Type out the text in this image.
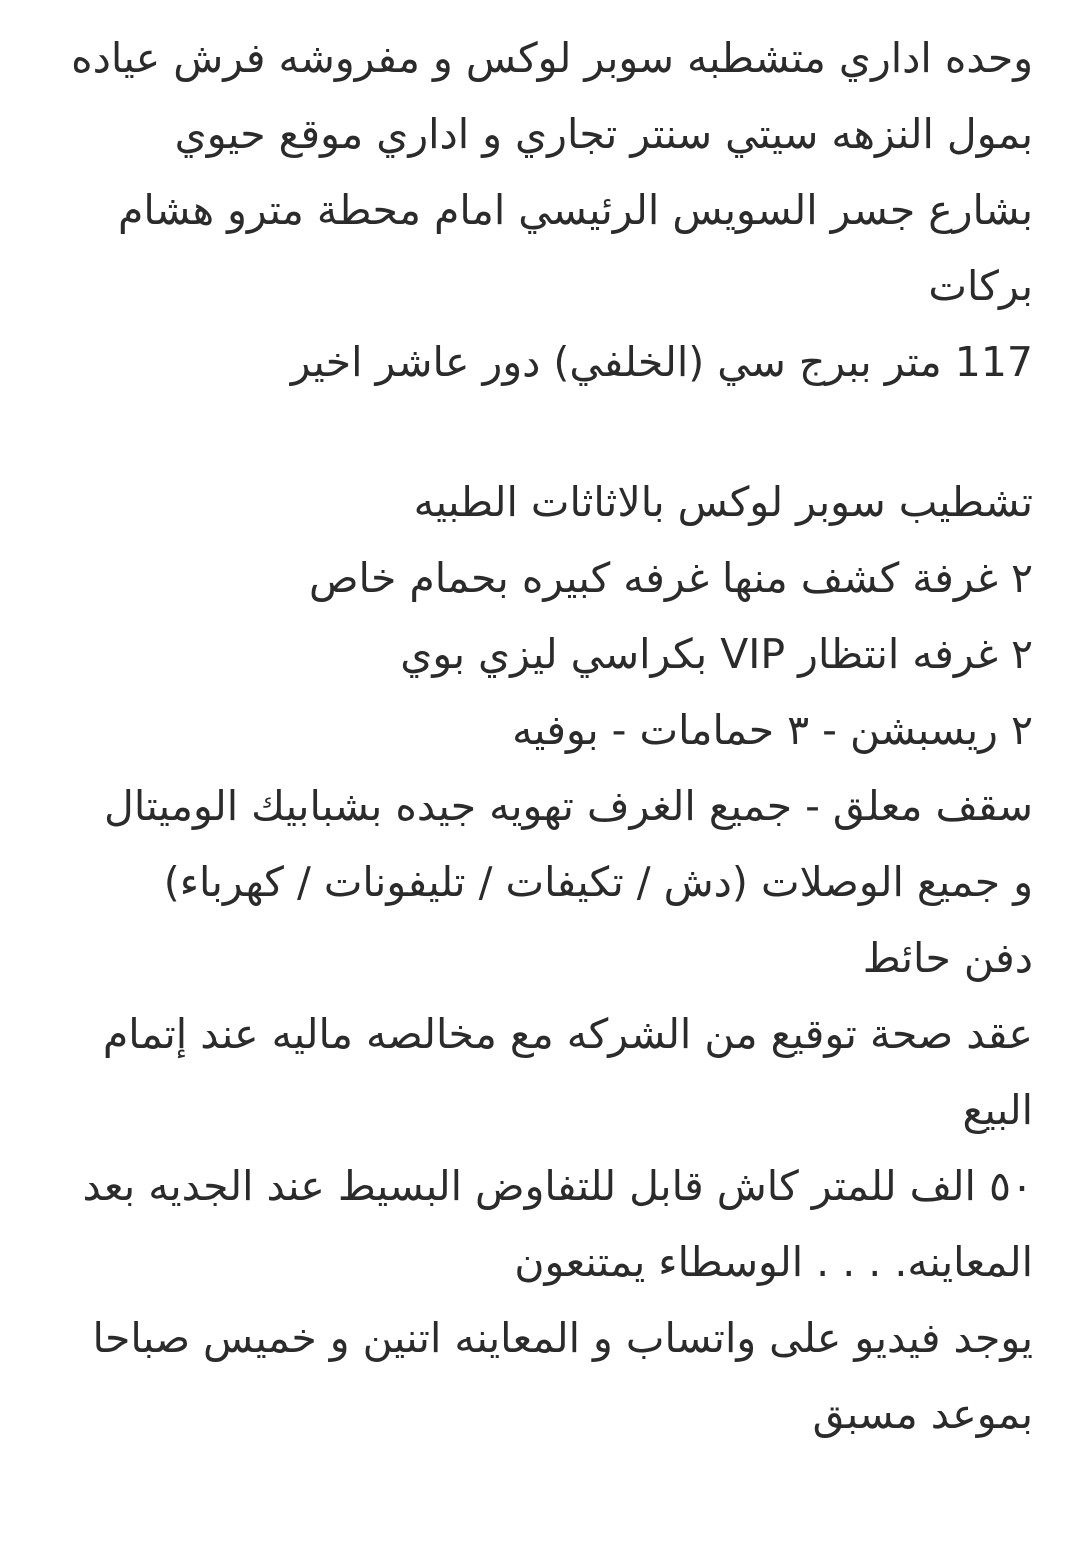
وحده اداري متشطبه سوبر لوكس و مفروشه فرش عياده
بمول النزهه سيتي سنتر تجاري و اداري موقع حيوي
بشارع جسر السويس الرئيسي امام محطة مترو هشام
بركات
117 متر ببرج سي (الخلفي) دور عاشر اخير
تشطيب سوبر لوكس بالاثاثات الطبيه
٢ غرفة كشف منها غرفه كبيره بحمام خاص
٢ غرفه انتظار VIP بكراسي ليزي بوي
٢ ريسبشن - ٣ حمامات - بوفيه
سقف معلق - جميع الغرف تهويه جيده بشبابيك الوميتال
و جميع الوصلات (دش / تكيفات / تليفونات / كهرباء)
دفن حائط
عقد صحة توقيع من الشركه مع مخالصه ماليه عند إتمام
البيع
٥٠ الف للمتر كاش قابل للتفاوض البسيط عند الجديه بعد
المعاينه. . . . الوسطاء يمتنعون
يوجد فيديو على واتساب و المعاينه اتنين و خميس صباحا
بموعد مسبق
